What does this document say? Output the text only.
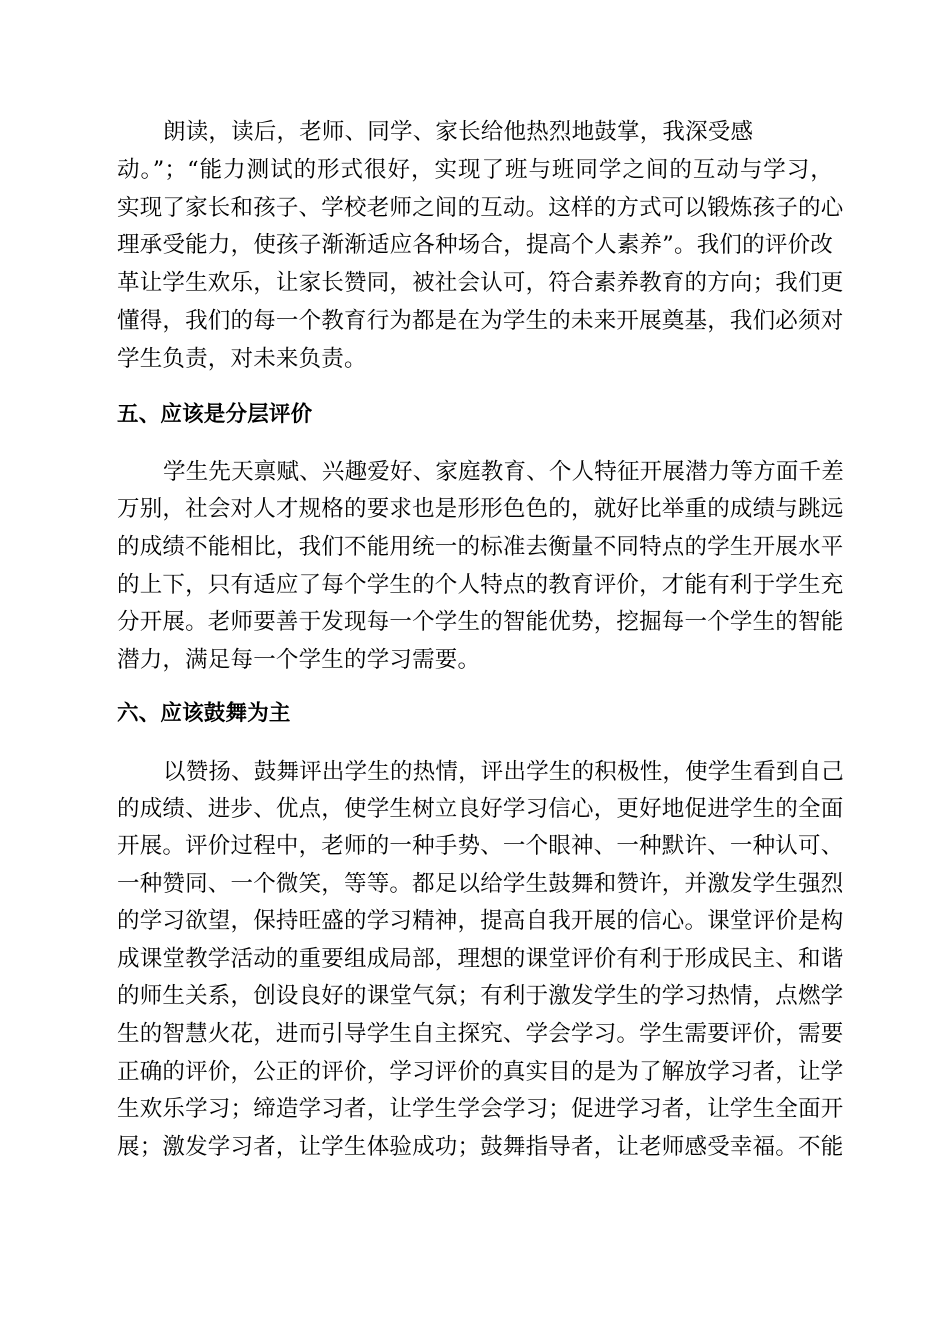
朗读，读后，老师、同学、家长给他热烈地鼓掌，我深受感
动。”；“能力测试的形式很好，实现了班与班同学之间的互动与学习，
实现了家长和孩子、学校老师之间的互动。这样的方式可以锻炼孩子的心
理承受能力，使孩子渐渐适应各种场合，提高个人素养”。我们的评价改
革让学生欢乐，让家长赞同，被社会认可，符合素养教育的方向；我们更
懂得，我们的每一个教育行为都是在为学生的未来开展奠基，我们必须对
学生负责，对未来负责。
五、应该是分层评价
学生先天禀赋、兴趣爱好、家庭教育、个人特征开展潜力等方面千差
万别，社会对人才规格的要求也是形形色色的，就好比举重的成绩与跳远
的成绩不能相比，我们不能用统一的标准去衡量不同特点的学生开展水平
的上下，只有适应了每个学生的个人特点的教育评价，才能有利于学生充
分开展。老师要善于发现每一个学生的智能优势，挖掘每一个学生的智能
潜力，满足每一个学生的学习需要。
六、应该鼓舞为主
以赞扬、鼓舞评出学生的热情，评出学生的积极性，使学生看到自己
的成绩、进步、优点，使学生树立良好学习信心，更好地促进学生的全面
开展。评价过程中，老师的一种手势、一个眼神、一种默许、一种认可、
一种赞同、一个微笑，等等。都足以给学生鼓舞和赞许，并激发学生强烈
的学习欲望，保持旺盛的学习精神，提高自我开展的信心。课堂评价是构
成课堂教学活动的重要组成局部，理想的课堂评价有利于形成民主、和谐
的师生关系，创设良好的课堂气氛；有利于激发学生的学习热情，点燃学
生的智慧火花，进而引导学生自主探究、学会学习。学生需要评价，需要
正确的评价，公正的评价，学习评价的真实目的是为了解放学习者，让学
生欢乐学习；缔造学习者，让学生学会学习；促进学习者，让学生全面开
展；激发学习者，让学生体验成功；鼓舞指导者，让老师感受幸福。不能
